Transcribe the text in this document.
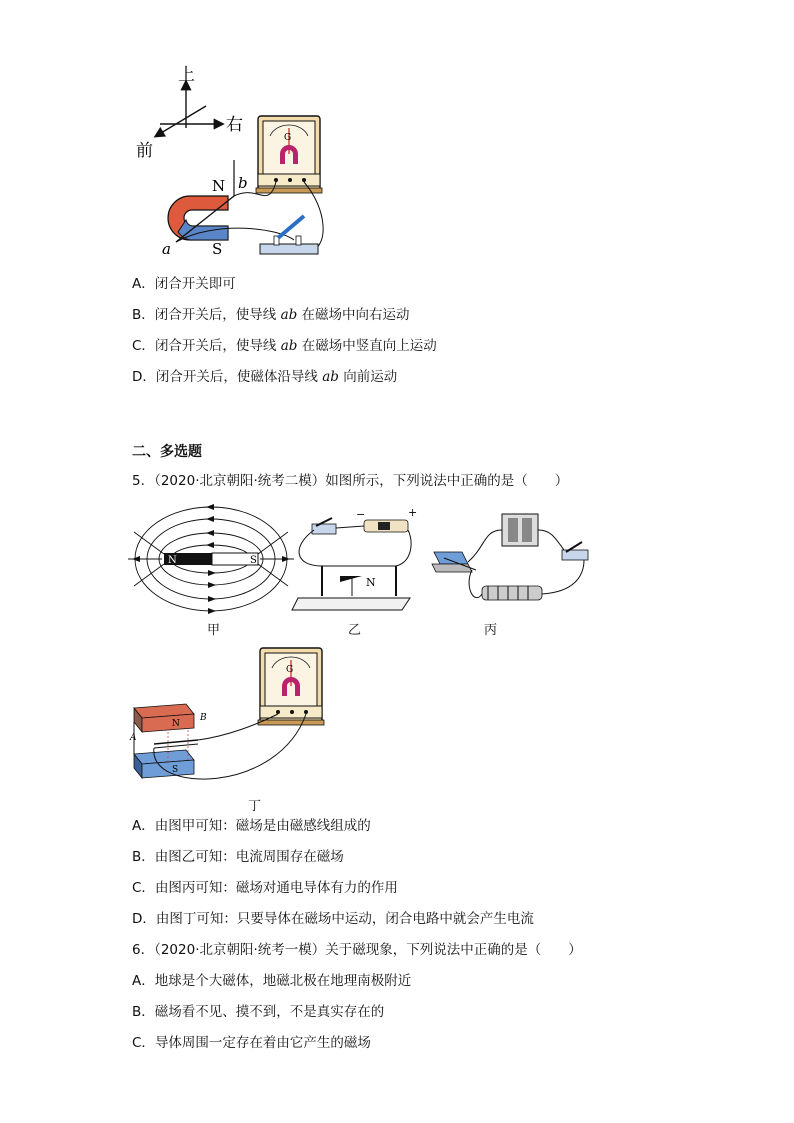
上
右
前
G
N
S
b
a
A．闭合开关即可
B．闭合开关后，使导线 ab 在磁场中向右运动
C．闭合开关后，使导线 ab 在磁场中竖直向上运动
D．闭合开关后，使磁体沿导线 ab 向前运动
二、多选题
5．（2020·北京朝阳·统考二模）如图所示，下列说法中正确的是（　　）
N	S
甲
−	+
N
乙	丙
G
N
S
A
B
丁
A．由图甲可知：磁场是由磁感线组成的
B．由图乙可知：电流周围存在磁场
C．由图丙可知：磁场对通电导体有力的作用
D．由图丁可知：只要导体在磁场中运动，闭合电路中就会产生电流
6．（2020·北京朝阳·统考一模）关于磁现象，下列说法中正确的是（　　）
A．地球是个大磁体，地磁北极在地理南极附近
B．磁场看不见、摸不到，不是真实存在的
C．导体周围一定存在着由它产生的磁场
